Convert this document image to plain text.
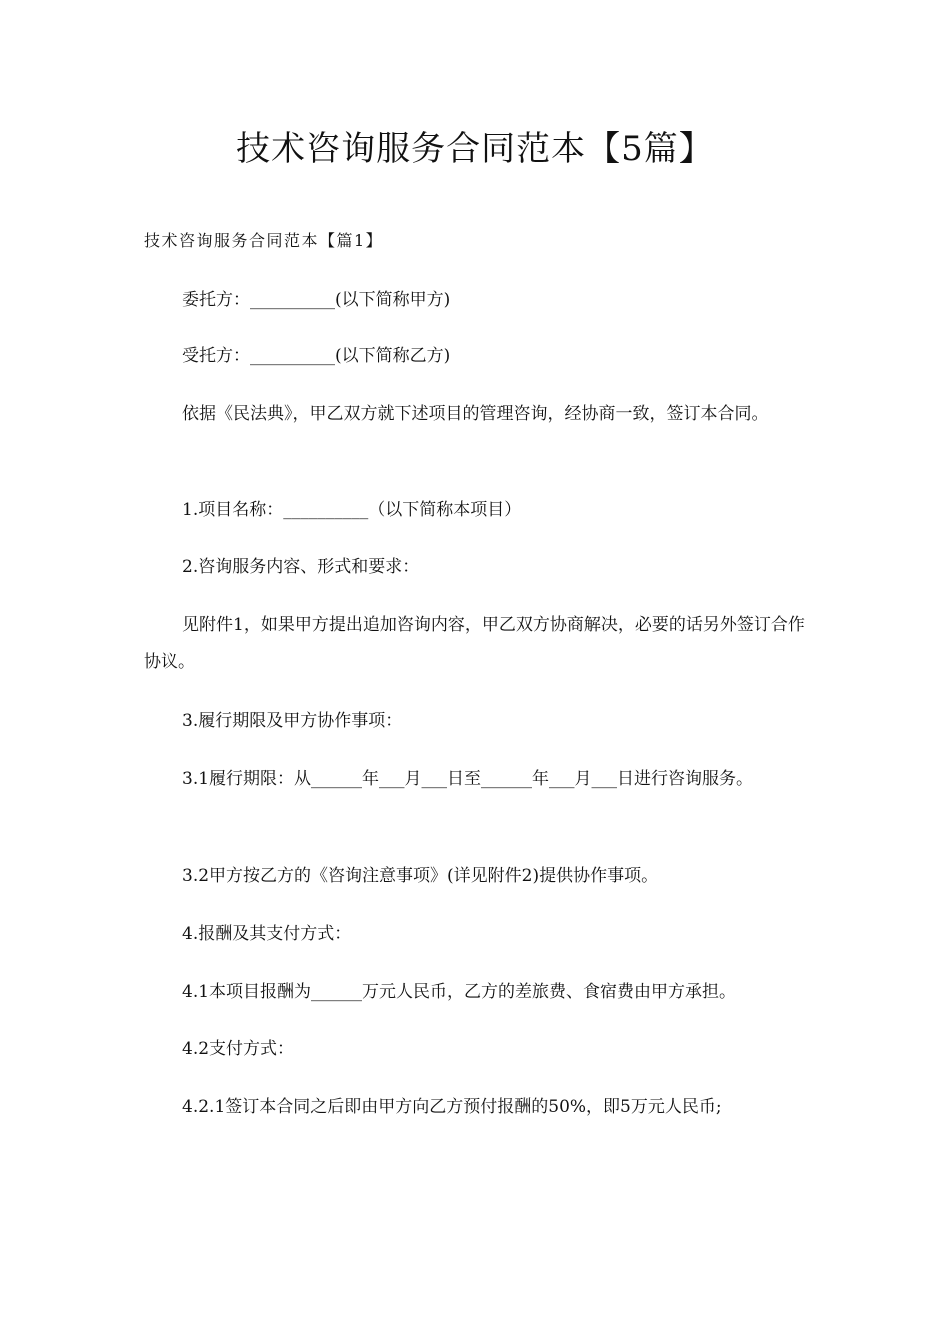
技术咨询服务合同范本【5篇】
技术咨询服务合同范本【篇1】

委托方：__________(以下简称甲方)

受托方：__________(以下简称乙方)

依据《民法典》，甲乙双方就下述项目的管理咨询，经协商一致，签订本合同。

1.项目名称：__________（以下简称本项目）

2.咨询服务内容、形式和要求：

见附件1，如果甲方提出追加咨询内容，甲乙双方协商解决，必要的话另外签订合作协议。

3.履行期限及甲方协作事项：

3.1履行期限：从______年___月___日至______年___月___日进行咨询服务。

3.2甲方按乙方的《咨询注意事项》(详见附件2)提供协作事项。

4.报酬及其支付方式：

4.1本项目报酬为______万元人民币，乙方的差旅费、食宿费由甲方承担。

4.2支付方式：

4.2.1签订本合同之后即由甲方向乙方预付报酬的50%，即5万元人民币;
